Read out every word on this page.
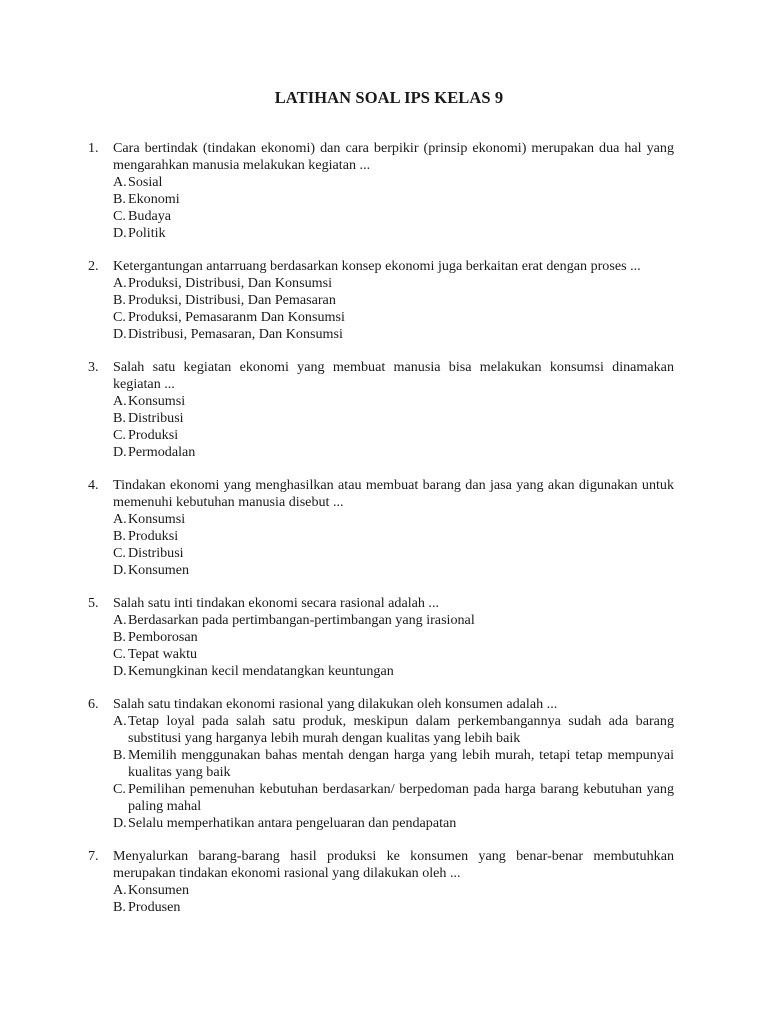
LATIHAN SOAL IPS KELAS 9
1. Cara bertindak (tindakan ekonomi) dan cara berpikir (prinsip ekonomi) merupakan dua hal yang mengarahkan manusia melakukan kegiatan ...
A. Sosial
B. Ekonomi
C. Budaya
D. Politik
2. Ketergantungan antarruang berdasarkan konsep ekonomi juga berkaitan erat dengan proses ...
A. Produksi, Distribusi, Dan Konsumsi
B. Produksi, Distribusi, Dan Pemasaran
C. Produksi, Pemasaranm Dan Konsumsi
D. Distribusi, Pemasaran, Dan Konsumsi
3. Salah satu kegiatan ekonomi yang membuat manusia bisa melakukan konsumsi dinamakan kegiatan ...
A. Konsumsi
B. Distribusi
C. Produksi
D. Permodalan
4. Tindakan ekonomi yang menghasilkan atau membuat barang dan jasa yang akan digunakan untuk memenuhi kebutuhan manusia disebut ...
A. Konsumsi
B. Produksi
C. Distribusi
D. Konsumen
5. Salah satu inti tindakan ekonomi secara rasional adalah ...
A. Berdasarkan pada pertimbangan-pertimbangan yang irasional
B. Pemborosan
C. Tepat waktu
D. Kemungkinan kecil mendatangkan keuntungan
6. Salah satu tindakan ekonomi rasional yang dilakukan oleh konsumen adalah ...
A. Tetap loyal pada salah satu produk, meskipun dalam perkembangannya sudah ada barang substitusi yang harganya lebih murah dengan kualitas yang lebih baik
B. Memilih menggunakan bahas mentah dengan harga yang lebih murah, tetapi tetap mempunyai kualitas yang baik
C. Pemilihan pemenuhan kebutuhan berdasarkan/ berpedoman pada harga barang kebutuhan yang paling mahal
D. Selalu memperhatikan antara pengeluaran dan pendapatan
7. Menyalurkan barang-barang hasil produksi ke konsumen yang benar-benar membutuhkan merupakan tindakan ekonomi rasional yang dilakukan oleh ...
A. Konsumen
B. Produsen
